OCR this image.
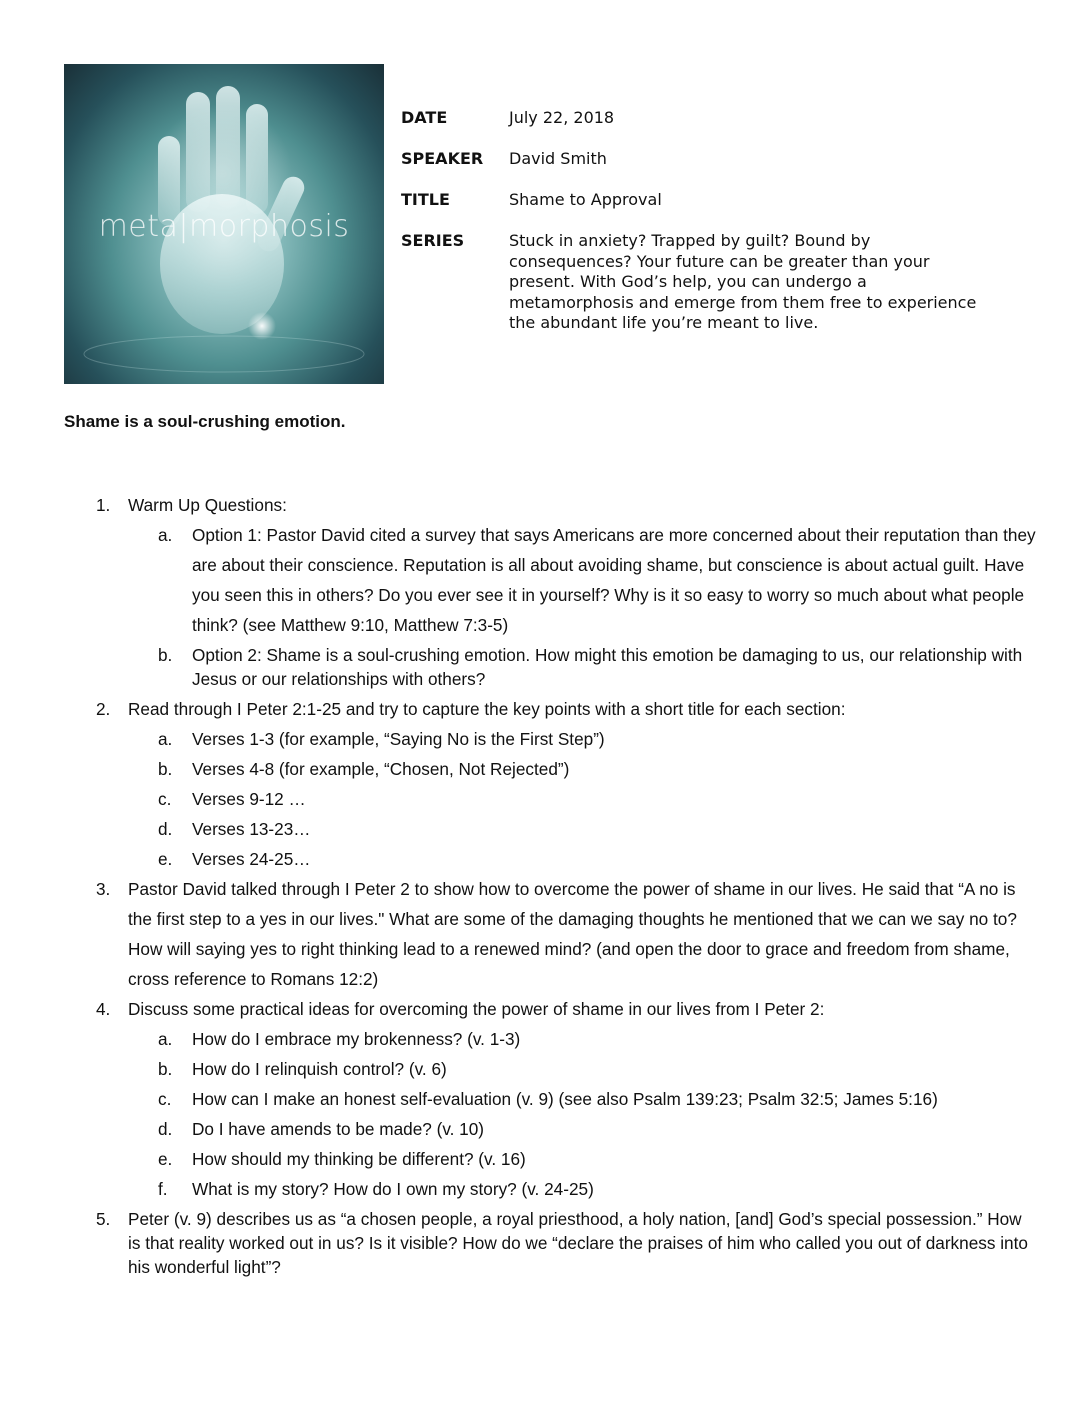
meta|morphosis
DATE	July 22, 2018
SPEAKER	David Smith
TITLE	Shame to Approval
SERIES	Stuck in anxiety? Trapped by guilt? Bound by consequences? Your future can be greater than your present. With God’s help, you can undergo a metamorphosis and emerge from them free to experience the abundant life you’re meant to live.
Shame is a soul-crushing emotion.
1.	Warm Up Questions:
a.	Option 1: Pastor David cited a survey that says Americans are more concerned about their reputation than they are about their conscience. Reputation is all about avoiding shame, but conscience is about actual guilt. Have you seen this in others? Do you ever see it in yourself? Why is it so easy to worry so much about what people think? (see Matthew 9:10, Matthew 7:3-5)
b.	Option 2: Shame is a soul-crushing emotion. How might this emotion be damaging to us, our relationship with Jesus or our relationships with others?
2.	Read through I Peter 2:1-25 and try to capture the key points with a short title for each section:
a.	Verses 1-3 (for example, “Saying No is the First Step”)
b.	Verses 4-8 (for example, “Chosen, Not Rejected”)
c.	Verses 9-12 …
d.	Verses 13-23…
e.	Verses 24-25…
3.	Pastor David talked through I Peter 2 to show how to overcome the power of shame in our lives. He said that “A no is the first step to a yes in our lives." What are some of the damaging thoughts he mentioned that we can we say no to? How will saying yes to right thinking lead to a renewed mind? (and open the door to grace and freedom from shame, cross reference to Romans 12:2)
4.	Discuss some practical ideas for overcoming the power of shame in our lives from I Peter 2:
a.	How do I embrace my brokenness? (v. 1-3)
b.	How do I relinquish control? (v. 6)
c.	How can I make an honest self-evaluation (v. 9) (see also Psalm 139:23; Psalm 32:5; James 5:16)
d.	Do I have amends to be made? (v. 10)
e.	How should my thinking be different? (v. 16)
f.	What is my story? How do I own my story? (v. 24-25)
5.	Peter (v. 9) describes us as “a chosen people, a royal priesthood, a holy nation, [and] God’s special possession.” How is that reality worked out in us? Is it visible? How do we “declare the praises of him who called you out of darkness into his wonderful light”?
